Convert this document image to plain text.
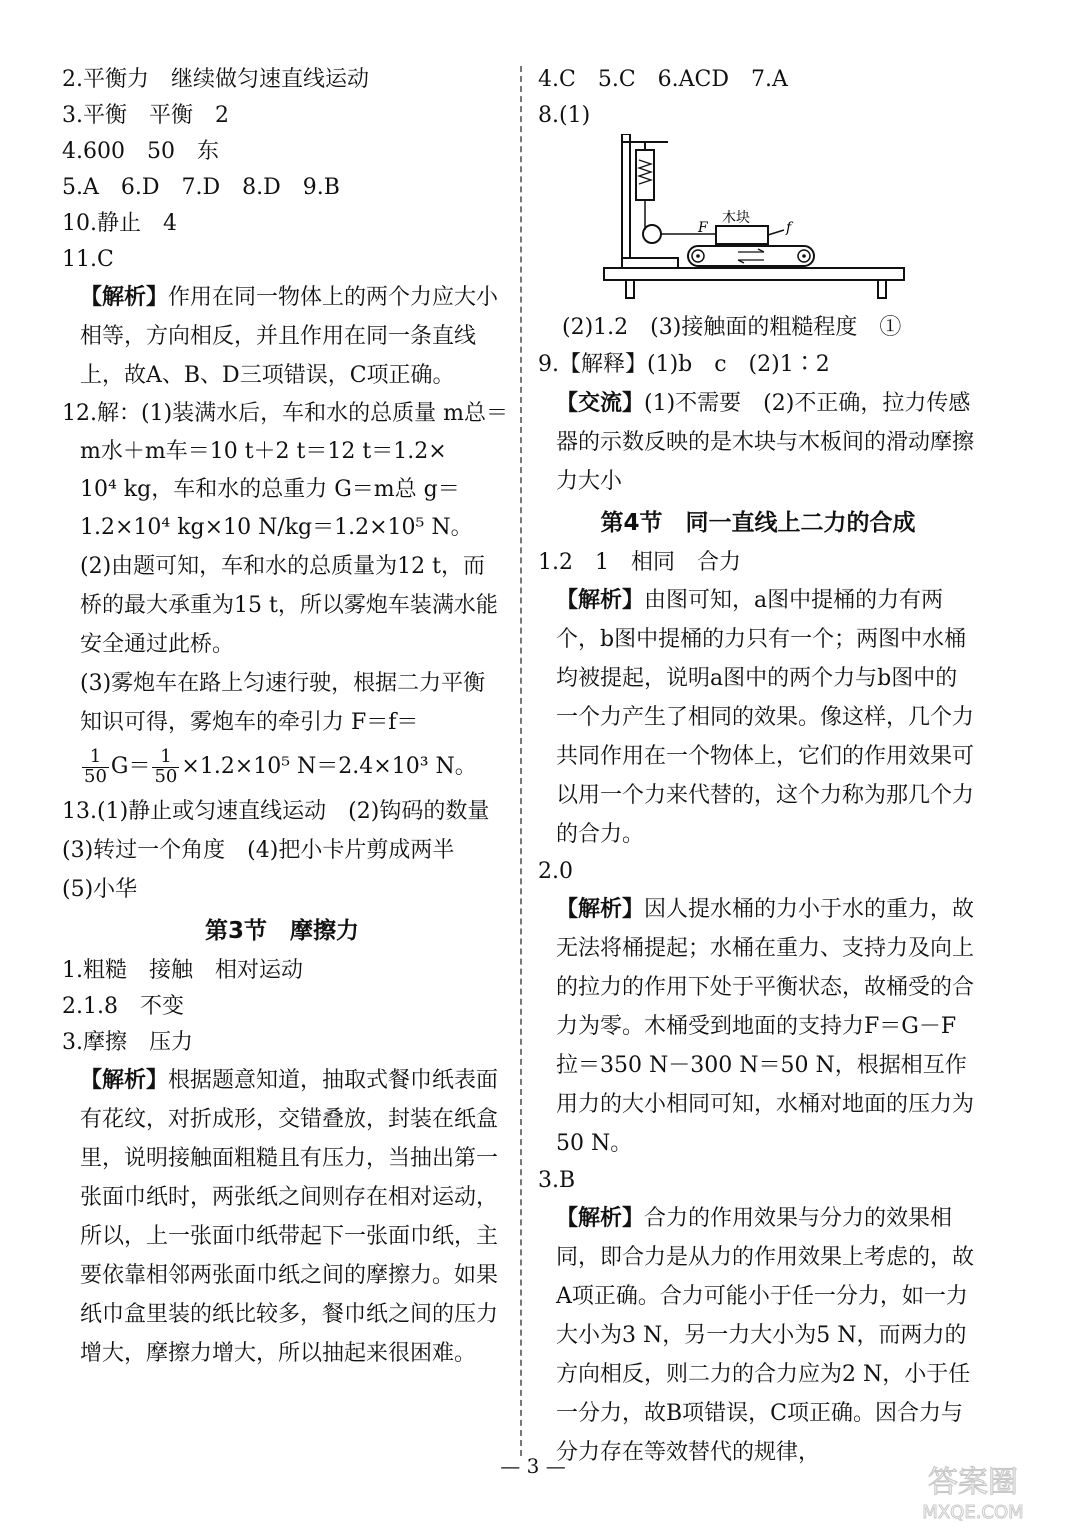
2.平衡力　继续做匀速直线运动
3.平衡　平衡　2
4.600　50　东
5.A　6.D　7.D　8.D　9.B
10.静止　4
11.C
【解析】作用在同一物体上的两个力应大小相等，方向相反，并且作用在同一条直线上，故A、B、D三项错误，C项正确。
12.解：(1)装满水后，车和水的总质量 m总＝
m水＋m车＝10 t＋2 t＝12 t＝1.2×
10⁴ kg，车和水的总重力 G＝m总 g＝
1.2×10⁴ kg×10 N/kg＝1.2×10⁵ N。
(2)由题可知，车和水的总质量为12 t，而桥的最大承重为15 t，所以雾炮车装满水能安全通过此桥。
(3)雾炮车在路上匀速行驶，根据二力平衡知识可得，雾炮车的牵引力 F＝f＝
$\frac{1}{50} G= \frac{1}{50} \times 1.2\times 10^5$ N＝2.4×10³ N。
13.(1)静止或匀速直线运动　(2)钩码的数量　(3)转过一个角度　(4)把小卡片剪成两半　(5)小华
第3节　摩擦力
1.粗糙　接触　相对运动
2.1.8　不变
3.摩擦　压力
【解析】根据题意知道，抽取式餐巾纸表面有花纹，对折成形，交错叠放，封装在纸盒里，说明接触面粗糙且有压力，当抽出第一张面巾纸时，两张纸之间则存在相对运动，所以，上一张面巾纸带起下一张面巾纸，主要依靠相邻两张面巾纸之间的摩擦力。如果纸巾盒里装的纸比较多，餐巾纸之间的压力增大，摩擦力增大，所以抽起来很困难。
4.C　5.C　6.ACD　7.A
8.(1)
木块
F	f
(2)1.2　(3)接触面的粗糙程度　①
9.【解释】(1)b　c　(2)1∶2
【交流】(1)不需要　(2)不正确，拉力传感器的示数反映的是木块与木板间的滑动摩擦力大小
第4节　同一直线上二力的合成
1.2　1　相同　合力
【解析】由图可知，a图中提桶的力有两个，b图中提桶的力只有一个；两图中水桶均被提起，说明a图中的两个力与b图中的一个力产生了相同的效果。像这样，几个力共同作用在一个物体上，它们的作用效果可以用一个力来代替的，这个力称为那几个力的合力。
2.0
【解析】因人提水桶的力小于水的重力，故无法将桶提起；水桶在重力、支持力及向上的拉力的作用下处于平衡状态，故桶受的合力为零。木桶受到地面的支持力F＝G－F拉＝350 N－300 N＝50 N，根据相互作用力的大小相同可知，水桶对地面的压力为50 N。
3.B
【解析】合力的作用效果与分力的效果相同，即合力是从力的作用效果上考虑的，故A项正确。合力可能小于任一分力，如一力大小为3 N，另一力大小为5 N，而两力的方向相反，则二力的合力应为2 N，小于任一分力，故B项错误，C项正确。因合力与分力存在等效替代的规律，
— 3 —	答案圈
MXQE.COM
